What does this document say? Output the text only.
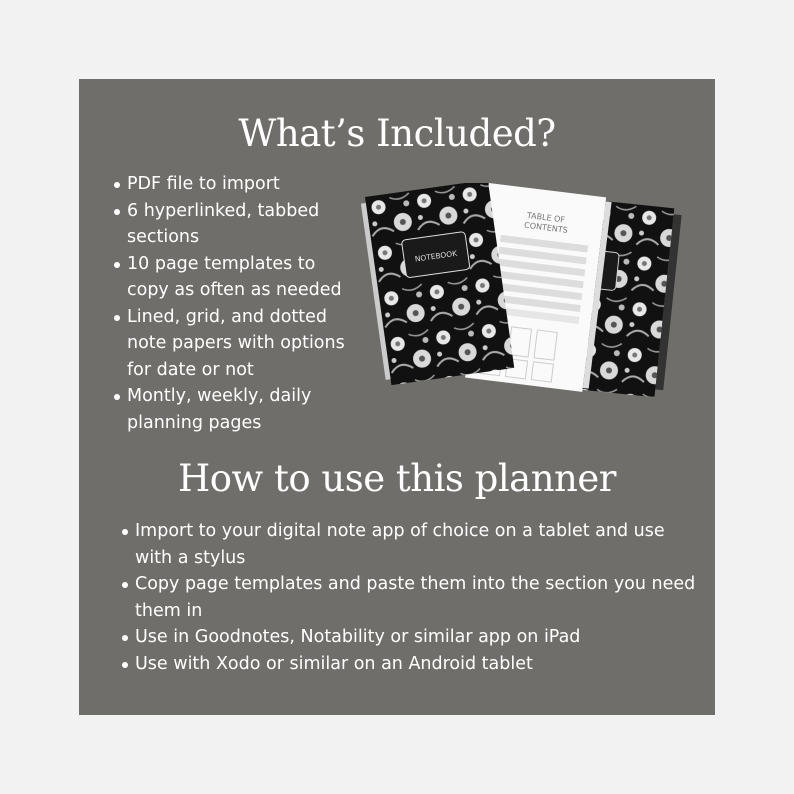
What’s Included?
PDF file to import
6 hyperlinked, tabbed sections
10 page templates to copy as often as needed
Lined, grid, and dotted note papers with options for date or not
Montly, weekly, daily planning pages
TABLE OF CONTENTS
NOTEBOOK
How to use this planner
Import to your digital note app of choice on a tablet and use with a stylus
Copy page templates and paste them into the section you need them in
Use in Goodnotes, Notability or similar app on iPad
Use with Xodo or similar on an Android tablet
